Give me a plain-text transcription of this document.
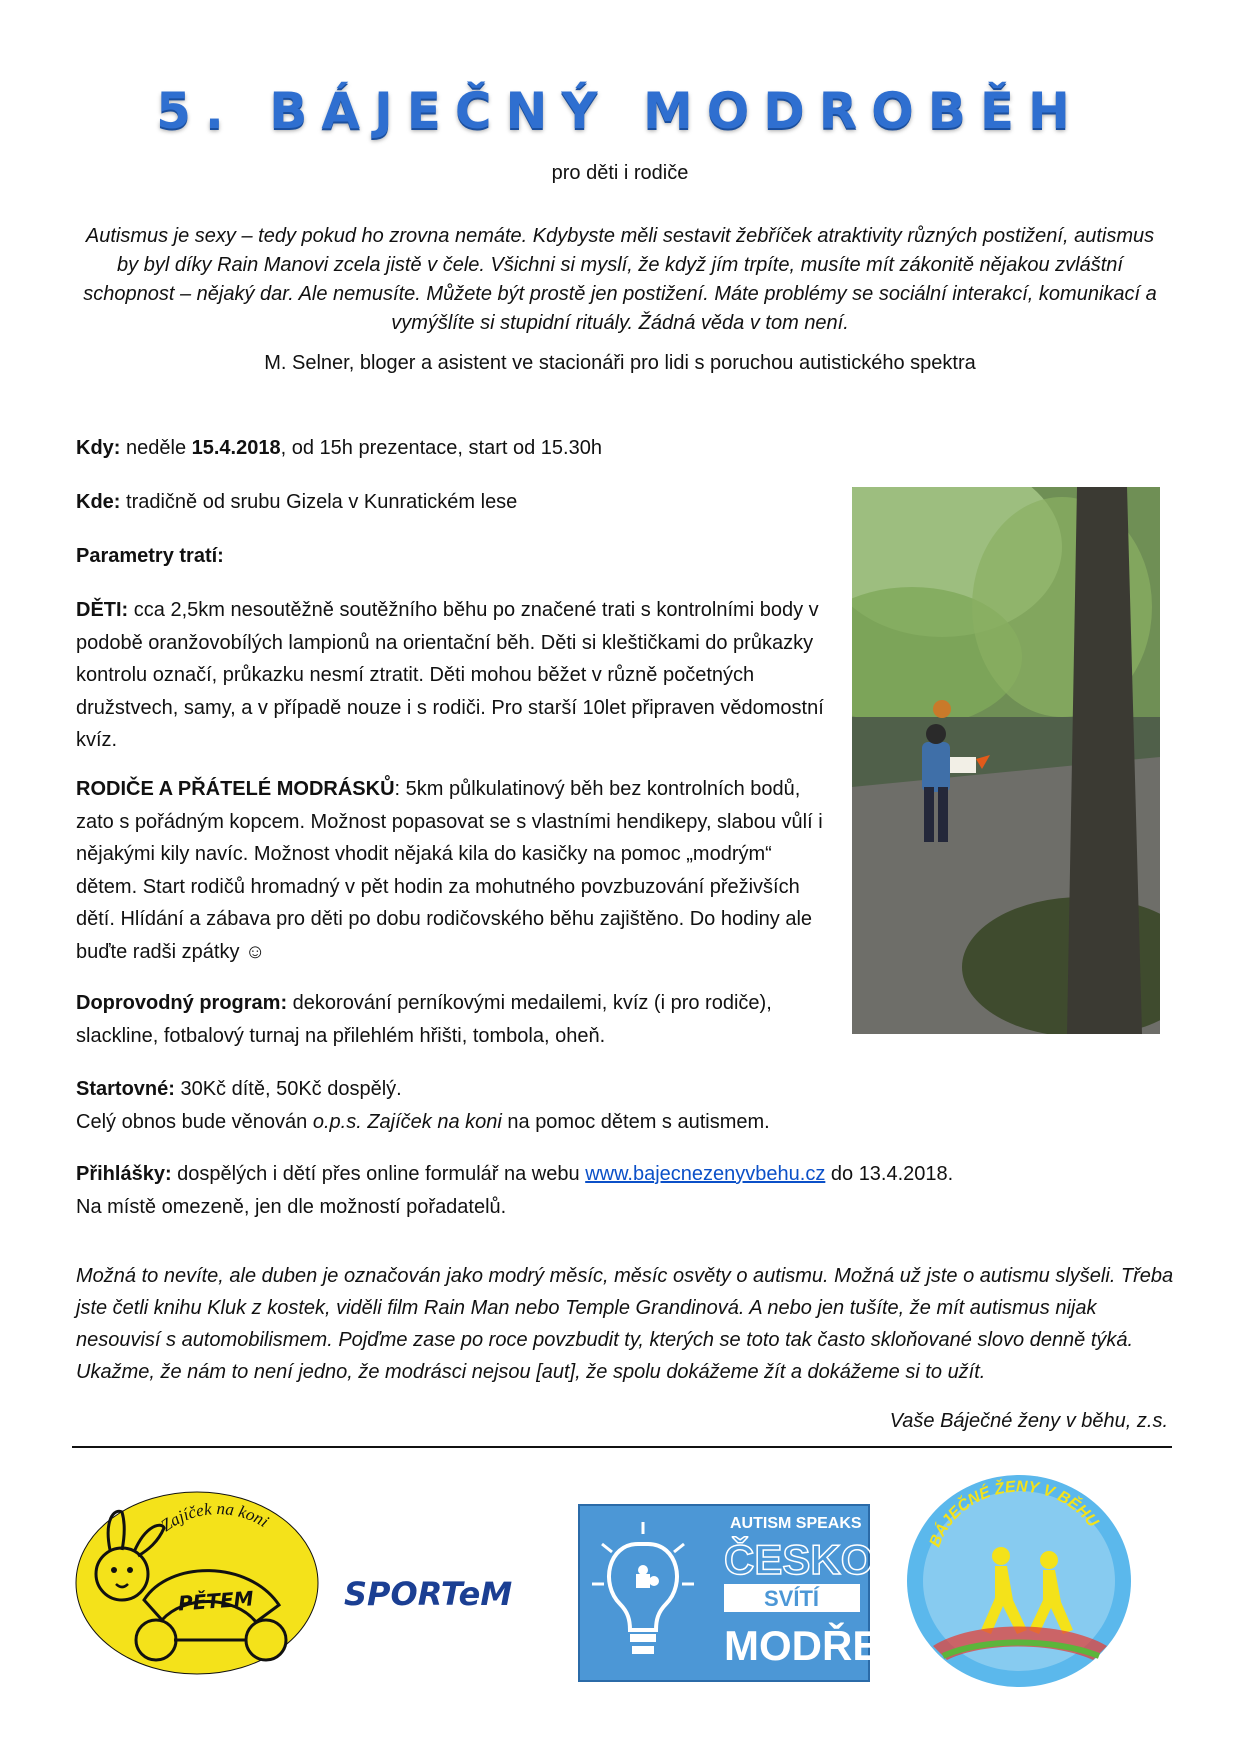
5. BÁJEČNÝ MODROBĚH
pro děti i rodiče
Autismus je sexy – tedy pokud ho zrovna nemáte. Kdybyste měli sestavit žebříček atraktivity různých postižení, autismus by byl díky Rain Manovi zcela jistě v čele. Všichni si myslí, že když jím trpíte, musíte mít zákonitě nějakou zvláštní schopnost – nějaký dar. Ale nemusíte. Můžete být prostě jen postižení. Máte problémy se sociální interakcí, komunikací a vymýšlíte si stupidní rituály. Žádná věda v tom není.
M. Selner, bloger a asistent ve stacionáři pro lidi s poruchou autistického spektra
Kdy: neděle 15.4.2018, od 15h prezentace, start od 15.30h
Kde: tradičně od srubu Gizela v Kunratickém lese
Parametry tratí:
DĚTI: cca 2,5km nesoutěžně soutěžního běhu po značené trati s kontrolními body v podobě oranžovobílých lampionů na orientační běh. Děti si kleštičkami do průkazky kontrolu označí, průkazku nesmí ztratit. Děti mohou běžet v různě početných družstvech, samy, a v případě nouze i s rodiči. Pro starší 10let připraven vědomostní kvíz.
RODIČE A PŘÁTELÉ MODRÁSKŮ: 5km půlkulatinový běh bez kontrolních bodů, zato s pořádným kopcem. Možnost popasovat se s vlastními hendikepy, slabou vůlí i nějakými kily navíc. Možnost vhodit nějaká kila do kasičky na pomoc „modrým“ dětem. Start rodičů hromadný v pět hodin za mohutného povzbuzování přeživších dětí. Hlídání a zábava pro děti po dobu rodičovského běhu zajištěno. Do hodiny ale buďte radši zpátky ☺
Doprovodný program: dekorování perníkovými medailemi, kvíz (i pro rodiče), slackline, fotbalový turnaj na přilehlém hřišti, tombola, oheň.
Startovné: 30Kč dítě, 50Kč dospělý.
Celý obnos bude věnován o.p.s. Zajíček na koni na pomoc dětem s autismem.
Přihlášky: dospělých i dětí přes online formulář na webu www.bajecnezenyvbehu.cz do 13.4.2018.
Na místě omezeně, jen dle možností pořadatelů.
Možná to nevíte, ale duben je označován jako modrý měsíc, měsíc osvěty o autismu. Možná už jste o autismu slyšeli. Třeba jste četli knihu Kluk z kostek, viděli film Rain Man nebo Temple Grandinová. A nebo jen tušíte, že mít autismus nijak nesouvisí s automobilismem. Pojďme zase po roce povzbudit ty, kterých se toto tak často skloňované slovo denně týká. Ukažme, že nám to není jedno, že modrásci nejsou [aut], že spolu dokážeme žít a dokážeme si to užít.
Vaše Báječné ženy v běhu, z.s.
Zajíček na koni
PĚTEM	SPORTeM
AUTISM SPEAKS
ČESKO
SVÍTÍ
MODŘE
BÁJEČNÉ ŽENY V BĚHU
